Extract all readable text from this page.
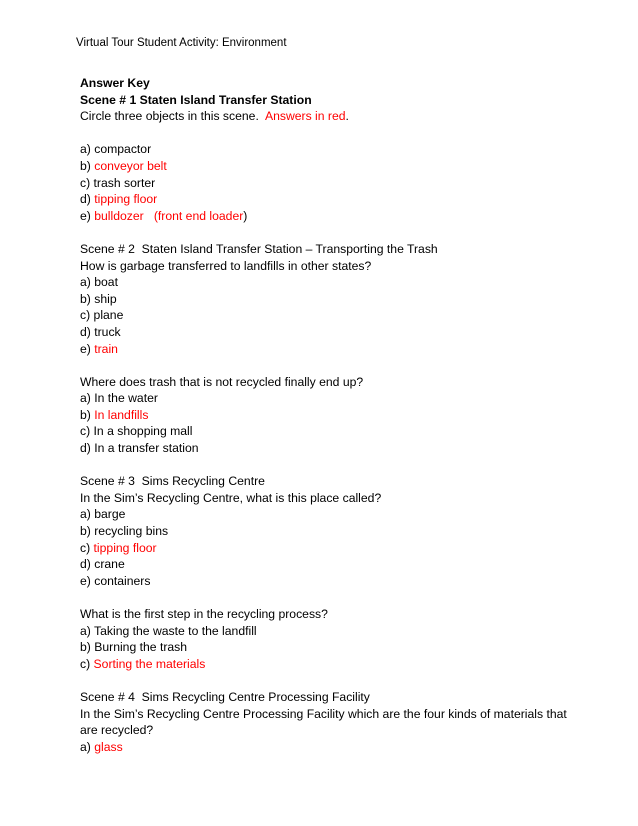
Virtual Tour Student Activity: Environment
Answer Key
Scene # 1 Staten Island Transfer Station
Circle three objects in this scene.  Answers in red.
a) compactor
b) conveyor belt
c) trash sorter
d) tipping floor
e) bulldozer   (front end loader)
Scene # 2  Staten Island Transfer Station – Transporting the Trash
How is garbage transferred to landfills in other states?
a) boat
b) ship
c) plane
d) truck
e) train
Where does trash that is not recycled finally end up?
a) In the water
b) In landfills
c) In a shopping mall
d) In a transfer station
Scene # 3  Sims Recycling Centre
In the Sim’s Recycling Centre, what is this place called?
a) barge
b) recycling bins
c) tipping floor
d) crane
e) containers
What is the first step in the recycling process?
a) Taking the waste to the landfill
b) Burning the trash
c) Sorting the materials
Scene # 4  Sims Recycling Centre Processing Facility
In the Sim’s Recycling Centre Processing Facility which are the four kinds of materials that are recycled?
a) glass
